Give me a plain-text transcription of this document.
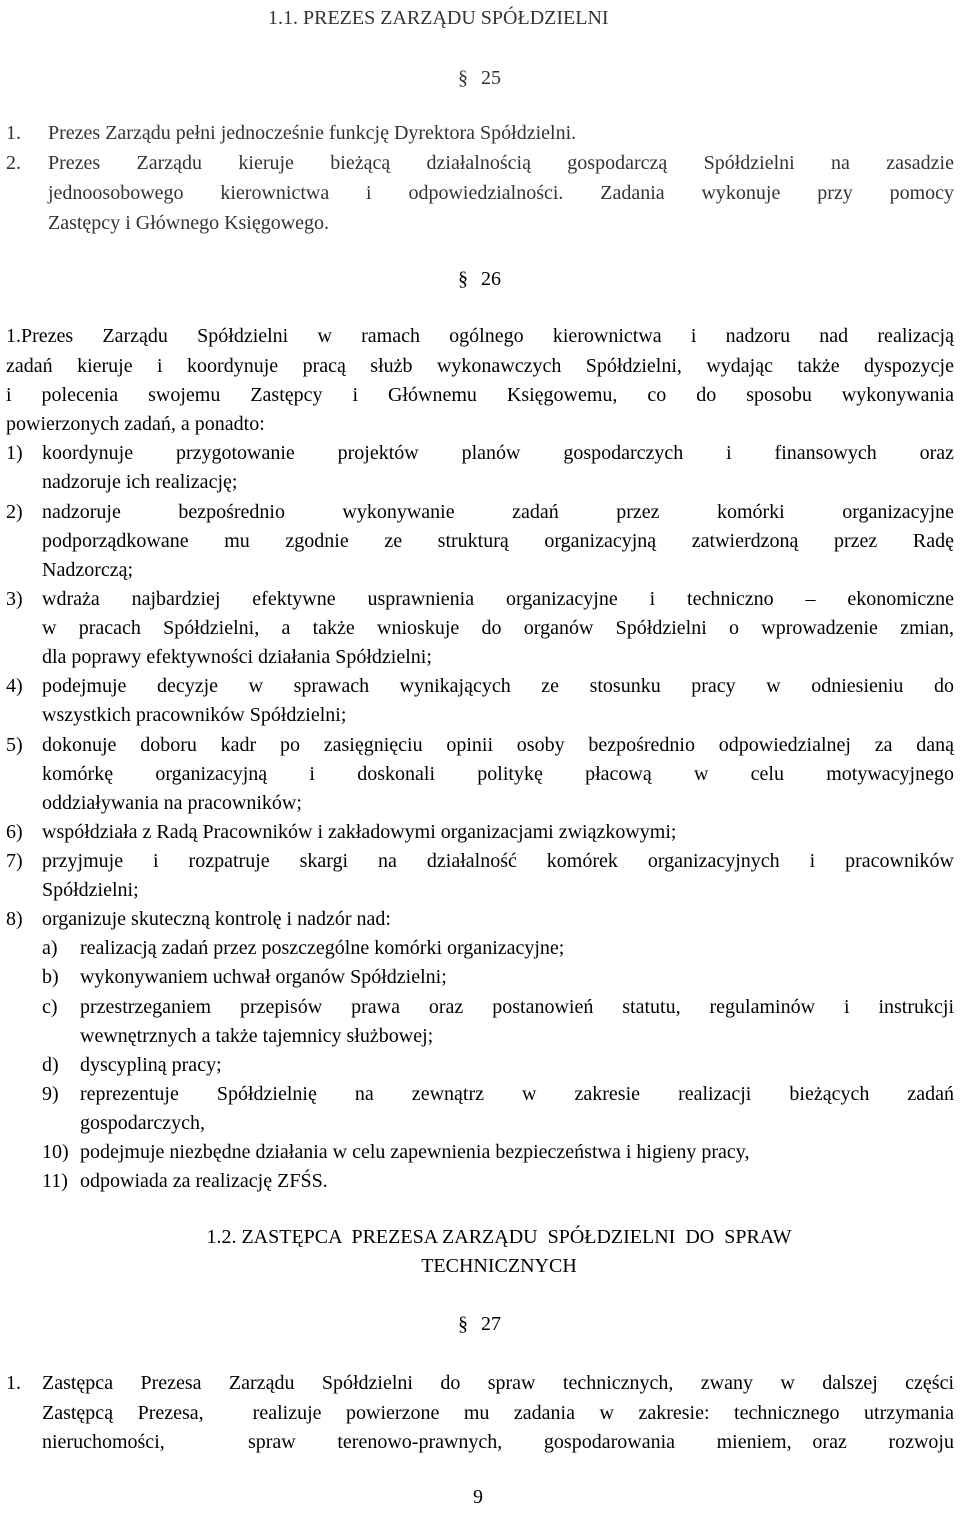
1.1. PREZES ZARZĄDU SPÓŁDZIELNI
§ 25
1. Prezes Zarządu pełni jednocześnie funkcję Dyrektora Spółdzielni.
2. Prezes Zarządu kieruje bieżącą działalnością gospodarczą Spółdzielni na zasadzie
jednoosobowego kierownictwa i odpowiedzialności. Zadania wykonuje przy pomocy
Zastępcy i Głównego Księgowego.
§ 26
1.Prezes Zarządu Spółdzielni w ramach ogólnego kierownictwa i nadzoru nad realizacją
zadań kieruje i koordynuje pracą służb wykonawczych Spółdzielni, wydając także dyspozycje
i polecenia swojemu Zastępcy i Głównemu Księgowemu, co do sposobu wykonywania
powierzonych zadań, a ponadto:
1) koordynuje przygotowanie projektów planów gospodarczych i finansowych oraz
nadzoruje ich realizację;
2) nadzoruje bezpośrednio wykonywanie zadań przez komórki organizacyjne
podporządkowane mu zgodnie ze strukturą organizacyjną zatwierdzoną przez Radę
Nadzorczą;
3) wdraża najbardziej efektywne usprawnienia organizacyjne i techniczno – ekonomiczne
w pracach Spółdzielni, a także wnioskuje do organów Spółdzielni o wprowadzenie zmian,
dla poprawy efektywności działania Spółdzielni;
4) podejmuje decyzje w sprawach wynikających ze stosunku pracy w odniesieniu do
wszystkich pracowników Spółdzielni;
5) dokonuje doboru kadr po zasięgnięciu opinii osoby bezpośrednio odpowiedzialnej za daną
komórkę organizacyjną i doskonali politykę płacową w celu motywacyjnego
oddziaływania na pracowników;
6) współdziała z Radą Pracowników i zakładowymi organizacjami związkowymi;
7) przyjmuje i rozpatruje skargi na działalność komórek organizacyjnych i pracowników
Spółdzielni;
8) organizuje skuteczną kontrolę i nadzór nad:
a) realizacją zadań przez poszczególne komórki organizacyjne;
b) wykonywaniem uchwał organów Spółdzielni;
c) przestrzeganiem przepisów prawa oraz postanowień statutu, regulaminów i instrukcji
wewnętrznych a także tajemnicy służbowej;
d) dyscypliną pracy;
9) reprezentuje Spółdzielnię na zewnątrz w zakresie realizacji bieżących zadań
gospodarczych,
10) podejmuje niezbędne działania w celu zapewnienia bezpieczeństwa i higieny pracy,
11) odpowiada za realizację ZFŚS.
1.2. ZASTĘPCA  PREZESA ZARZĄDU  SPÓŁDZIELNI  DO  SPRAW
TECHNICZNYCH
§ 27
1. Zastępca Prezesa Zarządu Spółdzielni do spraw technicznych, zwany w dalszej części
Zastępcą Prezesa,  realizuje powierzone mu zadania w zakresie: technicznego utrzymania
nieruchomości,    spraw  terenowo-prawnych,  gospodarowania  mieniem, oraz  rozwoju
9
